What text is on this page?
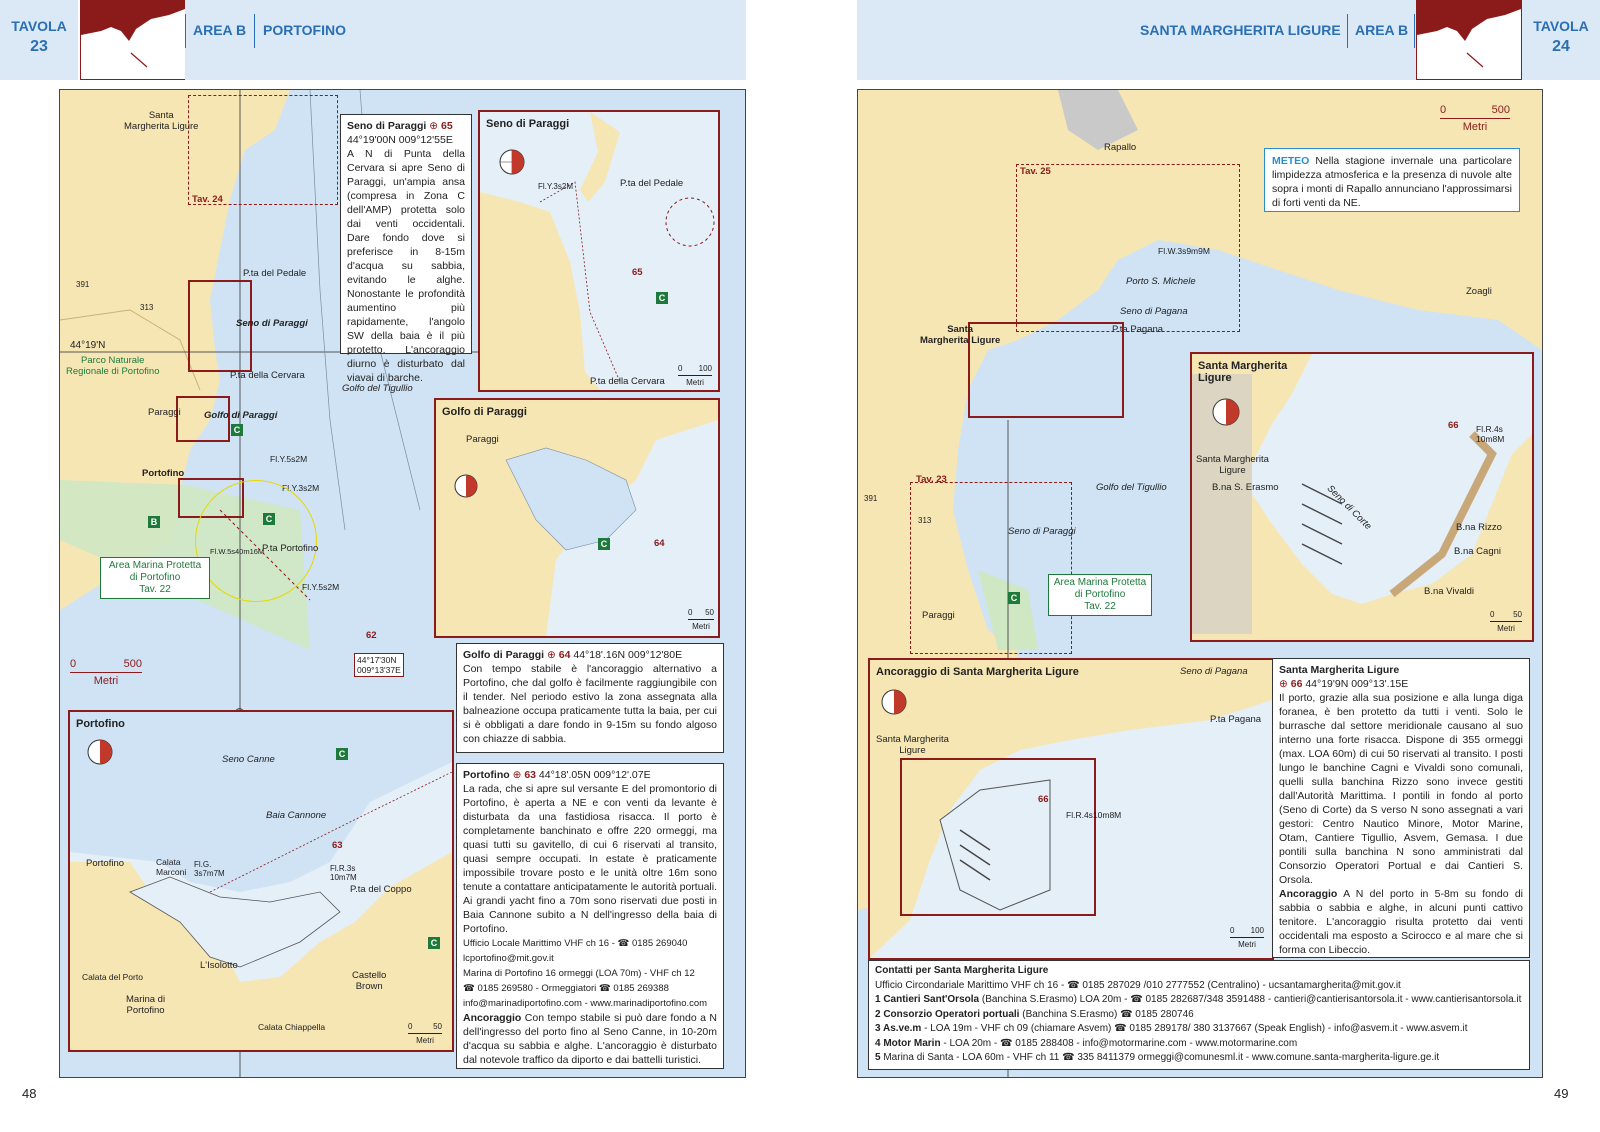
TAVOLA
23
AREA B PORTOFINO
Tav. 24
Santa
Margherita Ligure
P.ta del Pedale
Seno di Paraggi
44°19'N
Parco Naturale
Regionale di Portofino	P.ta della Cervara
Golfo del Tigullio
Paraggi Golfo di Paraggi
C
Portofino
Fl.Y.5s2M
Fl.Y.3s2M
C
B
P.ta Portofino
Fl.W.5s40m16M
Fl.Y.5s2M
Area Marina Protetta
di Portofino
Tav. 22
62
44°17'30N
009°13'37E
391
313
0	500
Metri
Seno di Paraggi ⊕ 65
44°19'00N 009°12'55E
A N di Punta della Cervara si apre Seno di Paraggi, un'ampia ansa (compresa in Zona C dell'AMP) protetta solo dai venti occidentali. Dare fondo dove si preferisce in 8-15m d'acqua su sabbia, evitando le alghe. Nonostante le profondità aumentino più rapidamente, l'angolo SW della baia è il più protetto. L'ancoraggio diurno è disturbato dal viavai di barche.
Seno di Paraggi
P.ta del Pedale
Fl.Y.3s2M
65
C
P.ta della Cervara
0 100
Metri
Golfo di Paraggi
Paraggi
C	64
0 50
Metri
Golfo di Paraggi ⊕ 64 44°18'.16N 009°12'80E
Con tempo stabile è l'ancoraggio alternativo a Portofino, che dal golfo è facilmente raggiungibile con il tender. Nel periodo estivo la zona assegnata alla balneazione occupa praticamente tutta la baia, per cui si è obbligati a dare fondo in 9-15m su fondo algoso con chiazze di sabbia.
Portofino ⊕ 63 44°18'.05N 009°12'.07E
La rada, che si apre sul versante E del promontorio di Portofino, è aperta a NE e con venti da levante è disturbata da una fastidiosa risacca. Il porto è completamente banchinato e offre 220 ormeggi, ma quasi tutti su gavitello, di cui 6 riservati al transito, quasi sempre occupati. In estate è praticamente impossibile trovare posto e le unità oltre 16m sono tenute a contattare anticipatamente le autorità portuali. Ai grandi yacht fino a 70m sono riservati due posti in Baia Cannone subito a N dell'ingresso della baia di Portofino.
Ufficio Locale Marittimo VHF ch 16 - ☎ 0185 269040
lcportofino@mit.gov.it
Marina di Portofino 16 ormeggi (LOA 70m) - VHF ch 12
☎ 0185 269580 - Ormeggiatori ☎ 0185 269388
info@marinadiportofino.com - www.marinadiportofino.com
Ancoraggio Con tempo stabile si può dare fondo a N dell'ingresso del porto fino al Seno Canne, in 10-20m d'acqua su sabbia e alghe. L'ancoraggio è disturbato dal notevole traffico da diporto e dai battelli turistici.
Portofino
Seno Canne	C
Baia Cannone
Portofino	Calata
Marconi
Fl.G.
3s7m7M
63
Fl.R.3s
10m7M
P.ta del Coppo
C
L'Isolotto
Calata del Porto
Marina di
Portofino
Calata Chiappella
Castello
Brown
0	50
Metri
48
SANTA MARGHERITA LIGURE AREA B	TAVOLA
24
Tav. 25
Tav. 23
Rapallo
Fl.W.3s9m9M
Porto S. Michele
Seno di Pagana
P.ta Pagana
Zoagli
Santa
Margherita Ligure
Golfo del Tigullio
Seno di Paraggi
Paraggi
C
Area Marina Protetta
di Portofino
Tav. 22
391
313
0	500
Metri
METEO Nella stagione invernale una particolare limpidezza atmosferica e la presenza di nuvole alte sopra i monti di Rapallo annunciano l'approssimarsi di forti venti da NE.
Santa Margherita
Ligure
Santa Margherita
Ligure
B.na S. Erasmo	Seno di Corte
66 Fl.R.4s
10m8M
B.na Rizzo
B.na Cagni
B.na Vivaldi
0 50
Metri
Ancoraggio di Santa Margherita Ligure	Seno di Pagana
P.ta Pagana
Santa Margherita
Ligure
66
Fl.R.4s10m8M
0 100
Metri
Santa Margherita Ligure
⊕ 66 44°19'9N 009°13'.15E
Il porto, grazie alla sua posizione e alla lunga diga foranea, è ben protetto da tutti i venti. Solo le burrasche dal settore meridionale causano al suo interno una forte risacca. Dispone di 355 ormeggi (max. LOA 60m) di cui 50 riservati al transito. I posti lungo le banchine Cagni e Vivaldi sono comunali, quelli sulla banchina Rizzo sono invece gestiti dall'Autorità Marittima. I pontili in fondo al porto (Seno di Corte) da S verso N sono assegnati a vari gestori: Centro Nautico Minore, Motor Marine, Otam, Cantiere Tigullio, Asvem, Gemasa. I due pontili sulla banchina N sono amministrati dal Consorzio Operatori Portual e dai Cantieri S. Orsola.
Ancoraggio A N del porto in 5-8m su fondo di sabbia o sabbia e alghe, in alcuni punti cattivo tenitore. L'ancoraggio risulta protetto dai venti occidentali ma esposto a Scirocco e al mare che si forma con Libeccio.
Contatti per Santa Margherita Ligure
Ufficio Circondariale Marittimo VHF ch 16 - ☎ 0185 287029 /010 2777552 (Centralino) - ucsantamargherita@mit.gov.it
1 Cantieri Sant'Orsola (Banchina S.Erasmo) LOA 20m - ☎ 0185 282687/348 3591488 - cantieri@cantierisantorsola.it - www.cantierisantorsola.it
2 Consorzio Operatori portuali (Banchina S.Erasmo) ☎ 0185 280746
3 As.ve.m - LOA 19m - VHF ch 09 (chiamare Asvem) ☎ 0185 289178/ 380 3137667 (Speak English) - info@asvem.it - www.asvem.it
4 Motor Marin - LOA 20m - ☎ 0185 288408 - info@motormarine.com - www.motormarine.com
5 Marina di Santa - LOA 60m - VHF ch 11 ☎ 335 8411379 ormeggi@comunesml.it - www.comune.santa-margherita-ligure.ge.it
49
